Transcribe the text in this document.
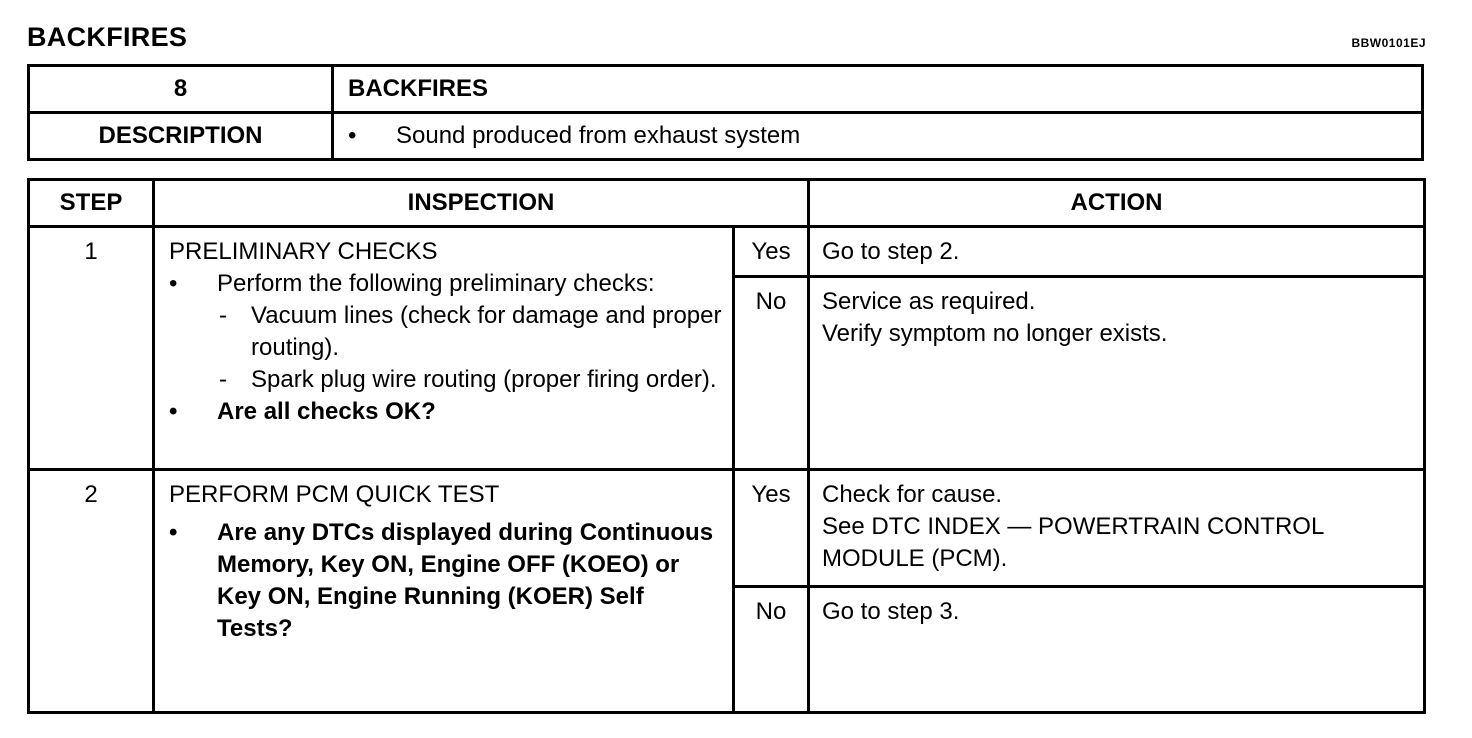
BACKFIRES	BBW0101EJ
8	BACKFIRES
DESCRIPTION	• Sound produced from exhaust system
STEP	INSPECTION		ACTION
1	PRELIMINARY CHECKS
• Perform the following preliminary checks:
- Vacuum lines (check for damage and proper routing).
- Spark plug wire routing (proper firing order).
• Are all checks OK?	Yes	Go to step 2.
		No	Service as required.
Verify symptom no longer exists.

2	PERFORM PCM QUICK TEST
• Are any DTCs displayed during Continuous Memory, Key ON, Engine OFF (KOEO) or Key ON, Engine Running (KOER) Self Tests?	Yes	Check for cause.
See DTC INDEX — POWERTRAIN CONTROL MODULE (PCM).

		No	Go to step 3.
